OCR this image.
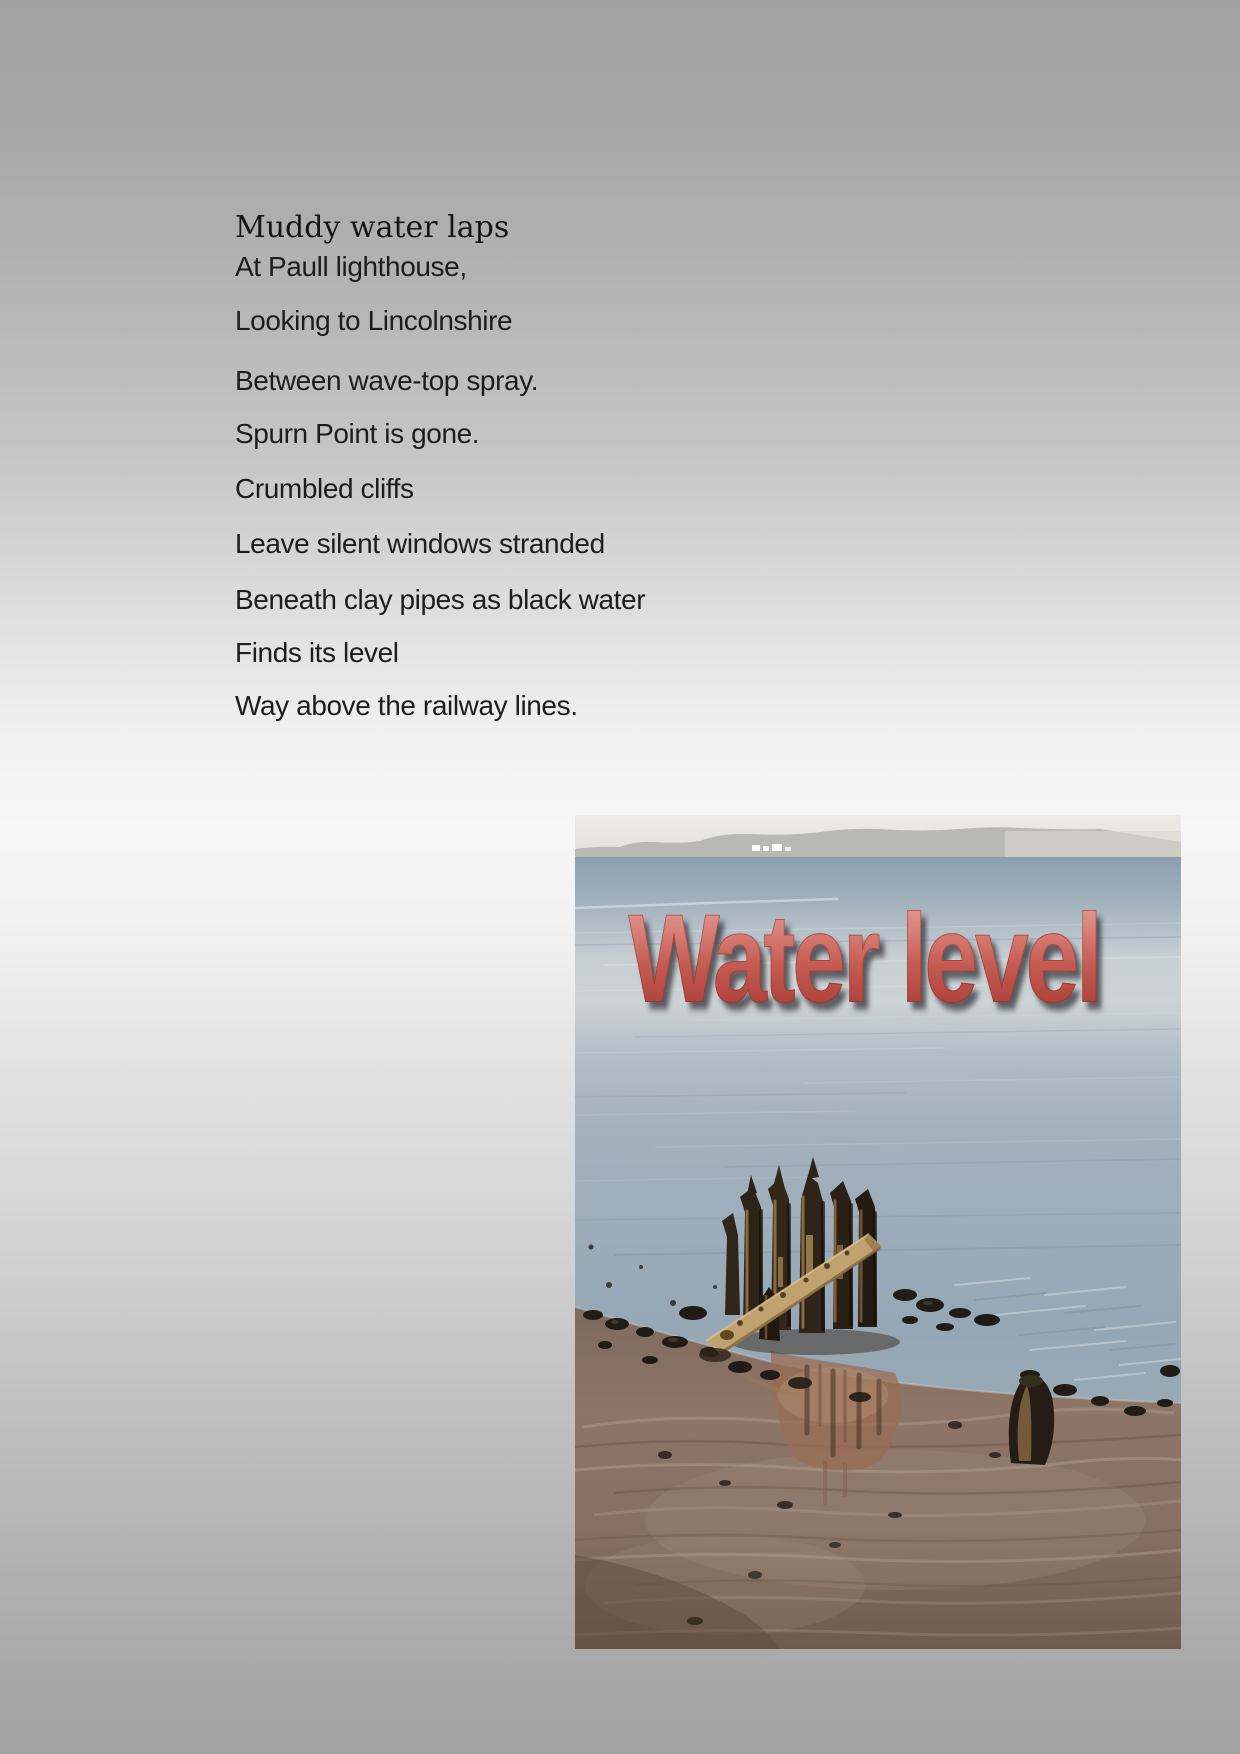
Muddy water laps
At Paull lighthouse,
Looking to Lincolnshire
Between wave-top spray.
Spurn Point is gone.
Crumbled cliffs
Leave silent windows stranded
Beneath clay pipes as black water
Finds its level
Way above the railway lines.
Water level
